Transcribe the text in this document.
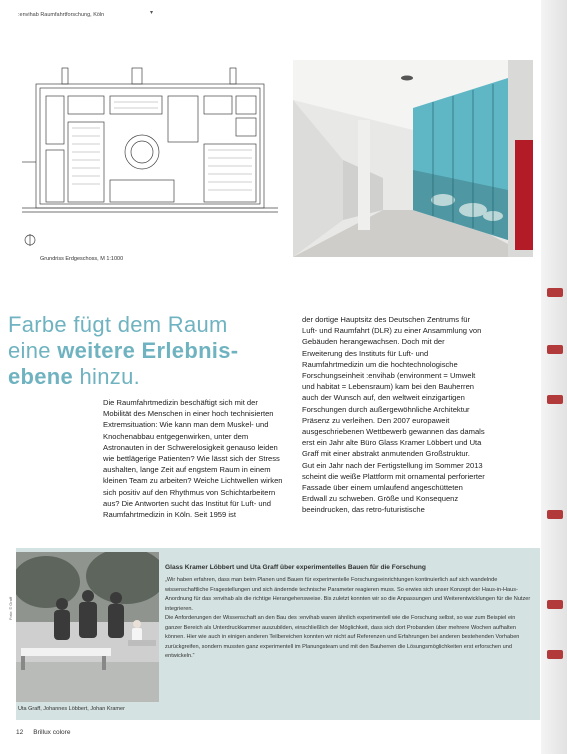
:envihab Raumfahrtforschung, Köln	▾
Grundriss Erdgeschoss, M 1:1000
Farbe fügt dem Raum
eine weitere Erlebnis-
ebene hinzu.
Die Raumfahrtmedizin beschäftigt sich mit der Mobilität des Menschen in einer hoch technisierten Extremsituation: Wie kann man dem Muskel- und Knochenabbau entgegenwirken, unter dem Astronauten in der Schwerelosigkeit genauso leiden wie bettlägerige Patienten? Wie lässt sich der Stress aushalten, lange Zeit auf engstem Raum in einem kleinen Team zu arbeiten? Weiche Lichtwellen wirken sich positiv auf den Rhythmus von Schichtarbeitern aus? Die Antworten sucht das Institut für Luft- und Raumfahrtmedizin in Köln. Seit 1959 ist
der dortige Hauptsitz des Deutschen Zentrums für Luft- und Raumfahrt (DLR) zu einer Ansammlung von Gebäuden herangewachsen. Doch mit der Erweiterung des Instituts für Luft- und Raumfahrtmedizin um die hochtechnologische Forschungseinheit :envihab (environment = Umwelt und habitat = Lebensraum) kam bei den Bauherren auch der Wunsch auf, den weltweit einzigartigen Forschungen durch außergewöhnliche Architektur Präsenz zu verleihen. Den 2007 europaweit ausgeschriebenen Wettbewerb gewannen das damals erst ein Jahr alte Büro Glass Kramer Löbbert und Uta Graff mit einer abstrakt anmutenden Großstruktur.
Gut ein Jahr nach der Fertigstellung im Sommer 2013 scheint die weiße Plattform mit ornamental perforierter Fassade über einem umlaufend angeschütteten Erdwall zu schweben. Größe und Konsequenz beeindrucken, das retro-futuristische
Foto: © Graff
Uta Graff, Johannes Löbbert, Johan Kramer
Glass Kramer Löbbert und Uta Graff über experimentelles Bauen für die Forschung

„Wir haben erfahren, dass man beim Planen und Bauen für experimentelle Forschungseinrichtungen kontinuierlich auf sich wandelnde wissenschaftliche Fragestellungen und sich ändernde technische Parameter reagieren muss. So erwies sich unser Konzept der Haus-in-Haus-Anordnung für das :envihab als die richtige Herangehensweise. Bis zuletzt konnten wir so die Anpassungen und Weiterentwicklungen für die Nutzer integrieren.

Die Anforderungen der Wissenschaft an den Bau des :envihab waren ähnlich experimentell wie die Forschung selbst, so war zum Beispiel ein ganzer Bereich als Unterdruckkammer auszubilden, einschließlich der Möglichkeit, dass sich dort Probanden über mehrere Wochen aufhalten können. Hier wie auch in einigen anderen Teilbereichen konnten wir nicht auf Referenzen und Erfahrungen bei anderen bestehenden Vorhaben zurückgreifen, sondern mussten ganz experimentell im Planungsteam und mit den Bauherren die Lösungsmöglichkeiten erst erforschen und entwickeln.“

12 Brillux colore
